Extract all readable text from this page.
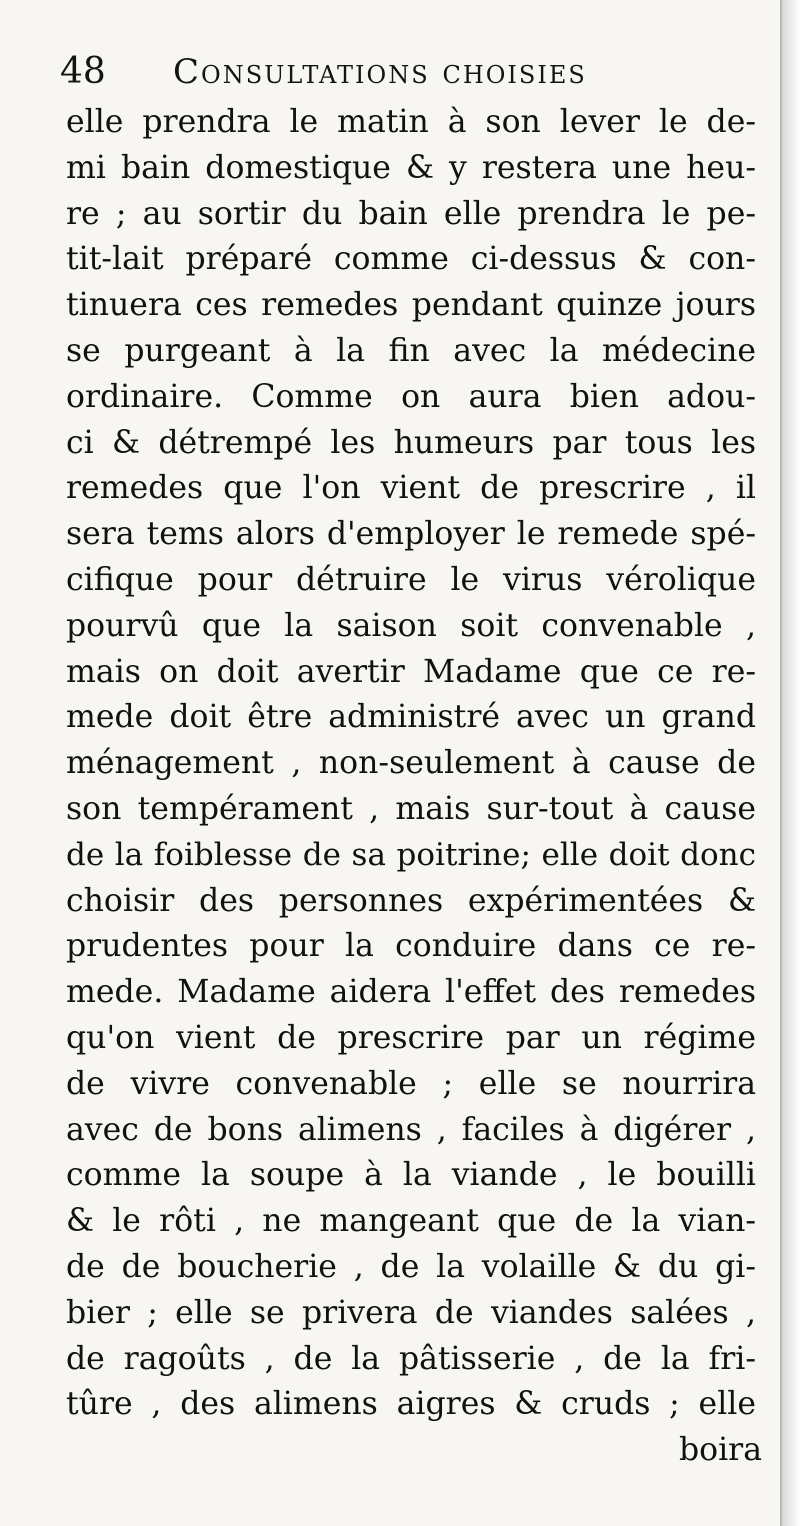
48 Consultations choisies
elle prendra le matin à son lever le de-
mi bain domestique & y restera une heu-
re ; au sortir du bain elle prendra le pe-
tit-lait préparé comme ci-dessus & con-
tinuera ces remedes pendant quinze jours
se purgeant à la fin avec la médecine
ordinaire. Comme on aura bien adou-
ci & détrempé les humeurs par tous les
remedes que l'on vient de prescrire , il
sera tems alors d'employer le remede spé-
cifique pour détruire le virus vérolique
pourvû que la saison soit convenable ,
mais on doit avertir Madame que ce re-
mede doit être administré avec un grand
ménagement , non-seulement à cause de
son tempérament , mais sur-tout à cause
de la foiblesse de sa poitrine; elle doit donc
choisir des personnes expérimentées &
prudentes pour la conduire dans ce re-
mede. Madame aidera l'effet des remedes
qu'on vient de prescrire par un régime
de vivre convenable ; elle se nourrira
avec de bons alimens , faciles à digérer ,
comme la soupe à la viande , le bouilli
& le rôti , ne mangeant que de la vian-
de de boucherie , de la volaille & du gi-
bier ; elle se privera de viandes salées ,
de ragoûts , de la pâtisserie , de la fri-
tûre , des alimens aigres & cruds ; elle
boira
